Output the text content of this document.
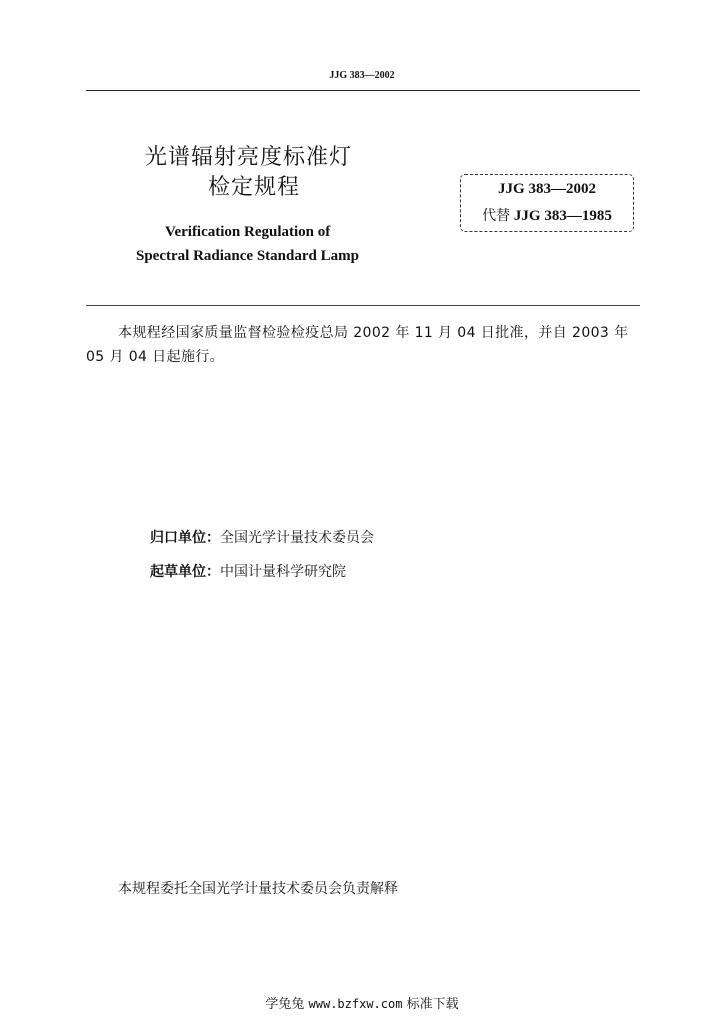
JJG 383—2002
光谱辐射亮度标准灯
检定规程
Verification Regulation of
Spectral Radiance Standard Lamp
JJG 383—2002
代替 JJG 383—1985
本规程经国家质量监督检验检疫总局 2002 年 11 月 04 日批准，并自 2003 年 05 月 04 日起施行。
归口单位：全国光学计量技术委员会
起草单位：中国计量科学研究院
本规程委托全国光学计量技术委员会负责解释
学兔兔 www.bzfxw.com 标准下载
